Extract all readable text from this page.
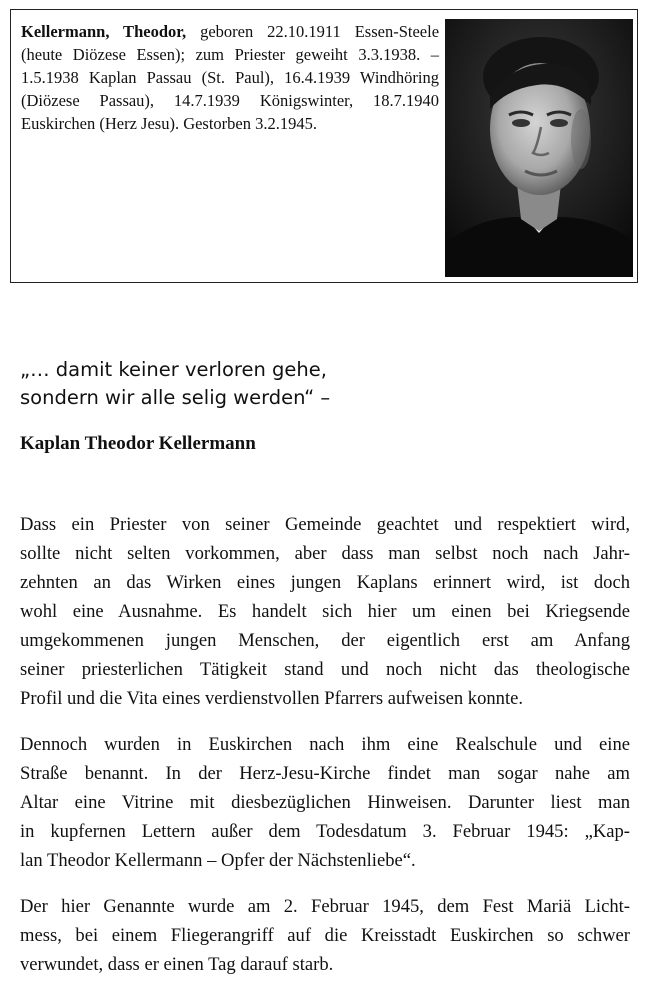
Kellermann, Theodor, geboren 22.10.1911 Essen-Steele (heute Diözese Essen); zum Priester geweiht 3.3.1938. – 1.5.1938 Kaplan Passau (St. Paul), 16.4.1939 Windhöring (Diözese Passau), 14.7.1939 Königswinter, 18.7.1940 Euskirchen (Herz Jesu). Gestorben 3.2.1945.

„… damit keiner verloren gehe,
sondern wir alle selig werden“ –
Kaplan Theodor Kellermann
Dass ein Priester von seiner Gemeinde geachtet und respektiert wird,
sollte nicht selten vorkommen, aber dass man selbst noch nach Jahr-
zehnten an das Wirken eines jungen Kaplans erinnert wird, ist doch
wohl eine Ausnahme. Es handelt sich hier um einen bei Kriegsende
umgekommenen jungen Menschen, der eigentlich erst am Anfang
seiner priesterlichen Tätigkeit stand und noch nicht das theologische
Profil und die Vita eines verdienstvollen Pfarrers aufweisen konnte.
Dennoch wurden in Euskirchen nach ihm eine Realschule und eine
Straße benannt. In der Herz-Jesu-Kirche findet man sogar nahe am
Altar eine Vitrine mit diesbezüglichen Hinweisen. Darunter liest man
in kupfernen Lettern außer dem Todesdatum 3. Februar 1945: „Kap-
lan Theodor Kellermann – Opfer der Nächstenliebe“.
Der hier Genannte wurde am 2. Februar 1945, dem Fest Mariä Licht-
mess, bei einem Fliegerangriff auf die Kreisstadt Euskirchen so schwer
verwundet, dass er einen Tag darauf starb.
